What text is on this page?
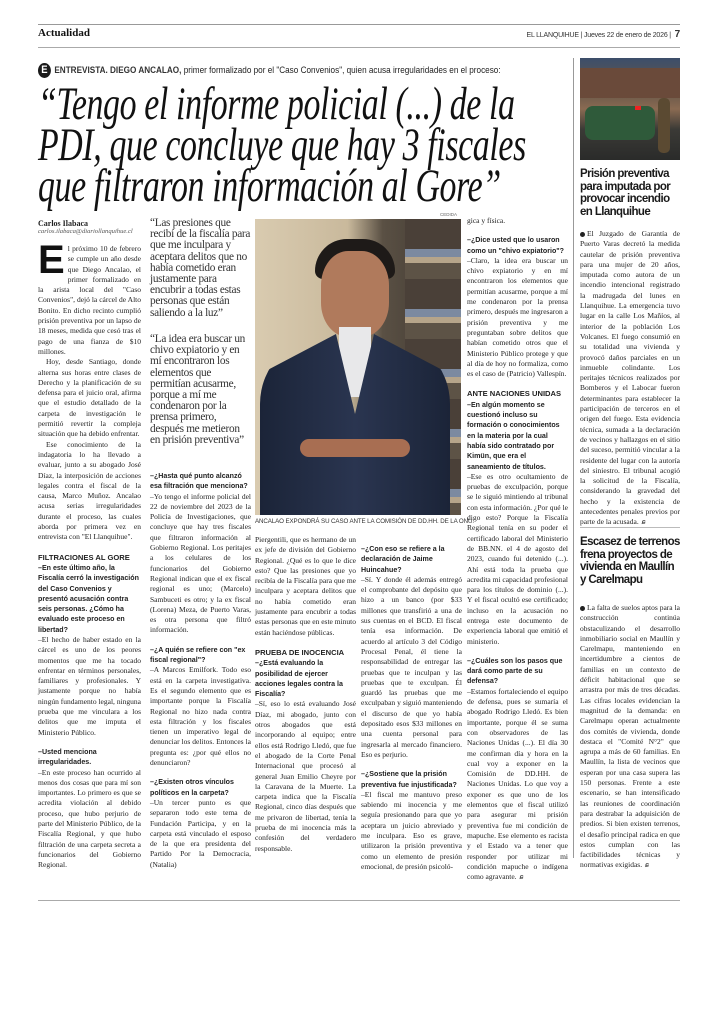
Actualidad	EL LLANQUIHUE | Jueves 22 de enero de 2026 | 7
E ENTREVISTA. DIEGO ANCALAO, primer formalizado por el "Caso Convenios", quien acusa irregularidades en el proceso:
“Tengo el informe policial (...) de la
PDI, que concluye que hay 3 fiscales
que filtraron información al Gore”
Carlos Ilabaca
carlos.ilabaca@diariollanquihue.cl

El próximo 10 de febrero se cumple un año desde que Diego Ancalao, el primer formalizado en la arista local del "Caso Convenios", dejó la cárcel de Alto Bonito. En dicho recinto cumplió prisión preventiva por un lapso de 18 meses, medida que cesó tras el pago de una fianza de $10 millones.

Hoy, desde Santiago, donde alterna sus horas entre clases de Derecho y la planificación de su defensa para el juicio oral, afirma que el estudio detallado de la carpeta de investigación le permitió revertir la compleja situación que ha debido enfrentar.

Ese conocimiento de la indagatoria lo ha llevado a evaluar, junto a su abogado José Díaz, la interposición de acciones legales contra el fiscal de la causa, Marco Muñoz. Ancalao acusa serias irregularidades durante el proceso, las cuales aborda por primera vez en entrevista con "El Llanquihue".

FILTRACIONES AL GORE
–En este último año, la Fiscalía cerró la investigación del Caso Convenios y presentó acusación contra seis personas. ¿Cómo ha evaluado este proceso en libertad?

–El hecho de haber estado en la cárcel es uno de los peores momentos que me ha tocado enfrentar en términos personales, familiares y profesionales. Y justamente porque no había ningún fundamento legal, ninguna prueba que me vinculara a los delitos que me imputa el Ministerio Público.

–Usted menciona irregularidades.

–En este proceso han ocurrido al menos dos cosas que para mí son importantes. Lo primero es que se acredita violación al debido proceso, que hubo perjurio de parte del Ministerio Público, de la Fiscalía Regional, y que hubo filtración de una carpeta secreta a funcionarios del Gobierno Regional.

“Las presiones que recibí de la fiscalía para que me inculpara y aceptara delitos que no había cometido eran justamente para encubrir a todas estas personas que están saliendo a la luz”
“La idea era buscar un chivo expiatorio y en mí encontraron los elementos que permitían acusarme, porque a mí me condenaron por la prensa primero, después me metieron en prisión preventiva”
–¿Hasta qué punto alcanzó esa filtración que menciona?

–Yo tengo el informe policial del 22 de noviembre del 2023 de la Policía de Investigaciones, que concluye que hay tres fiscales que filtraron información al Gobierno Regional. Los peritajes a los celulares de los funcionarios del Gobierno Regional indican que el ex fiscal regional es uno; (Marcelo) Sambuceti es otro; y la ex fiscal (Lorena) Meza, de Puerto Varas, es otra persona que filtró información.

–¿A quién se refiere con "ex fiscal regional"?

–A Marcos Emilfork. Todo eso está en la carpeta investigativa. Es el segundo elemento que es importante porque la Fiscalía Regional no hizo nada contra esta filtración y los fiscales tienen un imperativo legal de denunciar los delitos. Entonces la pregunta es: ¿por qué ellos no denunciaron?

–¿Existen otros vínculos políticos en la carpeta?

–Un tercer punto es que separaron todo este tema de Fundación Participa, y en la carpeta está vinculado el esposo de la que era presidenta del Partido Por la Democracia, (Natalia)

CEDIDA
ANCALAO EXPONDRÁ SU CASO ANTE LA COMISIÓN DE DD.HH. DE LA ONU.

Piergentili, que es hermano de un ex jefe de división del Gobierno Regional. ¿Qué es lo que le dice esto? Que las presiones que yo recibía de la Fiscalía para que me inculpara y aceptara delitos que no había cometido eran justamente para encubrir a todas estas personas que en este minuto están haciéndose públicas.

PRUEBA DE INOCENCIA
–¿Está evaluando la posibilidad de ejercer acciones legales contra la Fiscalía?

–Sí, eso lo está evaluando José Díaz, mi abogado, junto con otros abogados que está incorporando al equipo; entre ellos está Rodrigo Lledó, que fue el abogado de la Corte Penal Internacional que procesó al general Juan Emilio Cheyre por la Caravana de la Muerte. La carpeta indica que la Fiscalía Regional, cinco días después que me privaron de libertad, tenía la prueba de mi inocencia más la confesión del verdadero responsable.

–¿Con eso se refiere a la declaración de Jaime Huincahue?

–Sí. Y donde él además entregó el comprobante del depósito que hizo a un banco (por $33 millones que transfirió a una de sus cuentas en el BCD. El fiscal tenía esa información. De acuerdo al artículo 3 del Código Procesal Penal, él tiene la responsabilidad de entregar las pruebas que te inculpan y las pruebas que te exculpan. Él guardó las pruebas que me exculpaban y siguió manteniendo el discurso de que yo había depositado esos $33 millones en una cuenta personal para ingresarla al mercado financiero. Eso es perjurio.

–¿Sostiene que la prisión preventiva fue injustificada?

–El fiscal me mantuvo preso sabiendo mi inocencia y me seguía presionando para que yo aceptara un juicio abreviado y me inculpara. Eso es grave, utilizaron la prisión preventiva como un elemento de presión emocional, de presión psicoló-

gica y física.

–¿Dice usted que lo usaron como un "chivo expiatorio"?

–Claro, la idea era buscar un chivo expiatorio y en mí encontraron los elementos que permitían acusarme, porque a mí me condenaron por la prensa primero, después me ingresaron a prisión preventiva y me preguntaban sobre delitos que habían cometido otros que el Ministerio Público protege y que al día de hoy no formaliza, como es el caso de (Patricio) Vallespín.

ANTE NACIONES UNIDAS
–En algún momento se cuestionó incluso su formación o conocimientos en la materia por la cual había sido contratado por Kimün, que era el saneamiento de títulos.

–Ese es otro ocultamiento de pruebas de exculpación, porque se le siguió mintiendo al tribunal con esta información. ¿Por qué le digo esto? Porque la Fiscalía Regional tenía en su poder el certificado laboral del Ministerio de BB.NN. el 4 de agosto del 2023, cuando fui detenido (...). Ahí está toda la prueba que acredita mi capacidad profesional para los títulos de dominio (...). Y el fiscal ocultó ese certificado; incluso en la acusación no entrega este documento de experiencia laboral que emitió el ministerio.

–¿Cuáles son los pasos que dará como parte de su defensa?

–Estamos fortaleciendo el equipo de defensa, pues se sumaría el abogado Rodrigo Lledó. Es bien importante, porque él se suma con observadores de las Naciones Unidas (...). El día 30 me confirman día y hora en la cual voy a exponer en la Comisión de DD.HH. de Naciones Unidas. Lo que voy a exponer es que uno de los elementos que el fiscal utilizó para asegurar mi prisión preventiva fue mi condición de mapuche. Ese elemento es racista y el Estado va a tener que responder por utilizar mi condición mapuche o indígena como agravante. ɕ

Prisión preventiva para imputada por provocar incendio en Llanquihue
El Juzgado de Garantía de Puerto Varas decretó la medida cautelar de prisión preventiva para una mujer de 20 años, imputada como autora de un incendio intencional registrado la madrugada del lunes en Llanquihue. La emergencia tuvo lugar en la calle Los Mañíos, al interior de la población Los Volcanes. El fuego consumió en su totalidad una vivienda y provocó daños parciales en un inmueble colindante. Los peritajes técnicos realizados por Bomberos y el Labocar fueron determinantes para establecer la participación de terceros en el origen del fuego. Esta evidencia técnica, sumada a la declaración de vecinos y hallazgos en el sitio del suceso, permitió vincular a la residente del lugar con la autoría del siniestro. El tribunal acogió la solicitud de la Fiscalía, considerando la gravedad del hecho y la existencia de antecedentes penales previos por parte de la acusada. ɕ
Escasez de terrenos frena proyectos de vivienda en Maullín y Carelmapu
La falta de suelos aptos para la construcción continúa obstaculizando el desarrollo inmobiliario social en Maullín y Carelmapu, manteniendo en incertidumbre a cientos de familias en un contexto de déficit habitacional que se arrastra por más de tres décadas. Las cifras locales evidencian la magnitud de la demanda: en Carelmapu operan actualmente dos comités de vivienda, donde destaca el "Comité N°2" que agrupa a más de 60 familias. En Maullín, la lista de vecinos que esperan por una casa supera las 150 personas. Frente a este escenario, se han intensificado las reuniones de coordinación para destrabar la adquisición de predios. Si bien existen terrenos, el desafío principal radica en que estos cumplan con las factibilidades técnicas y normativas exigidas. ɕ
